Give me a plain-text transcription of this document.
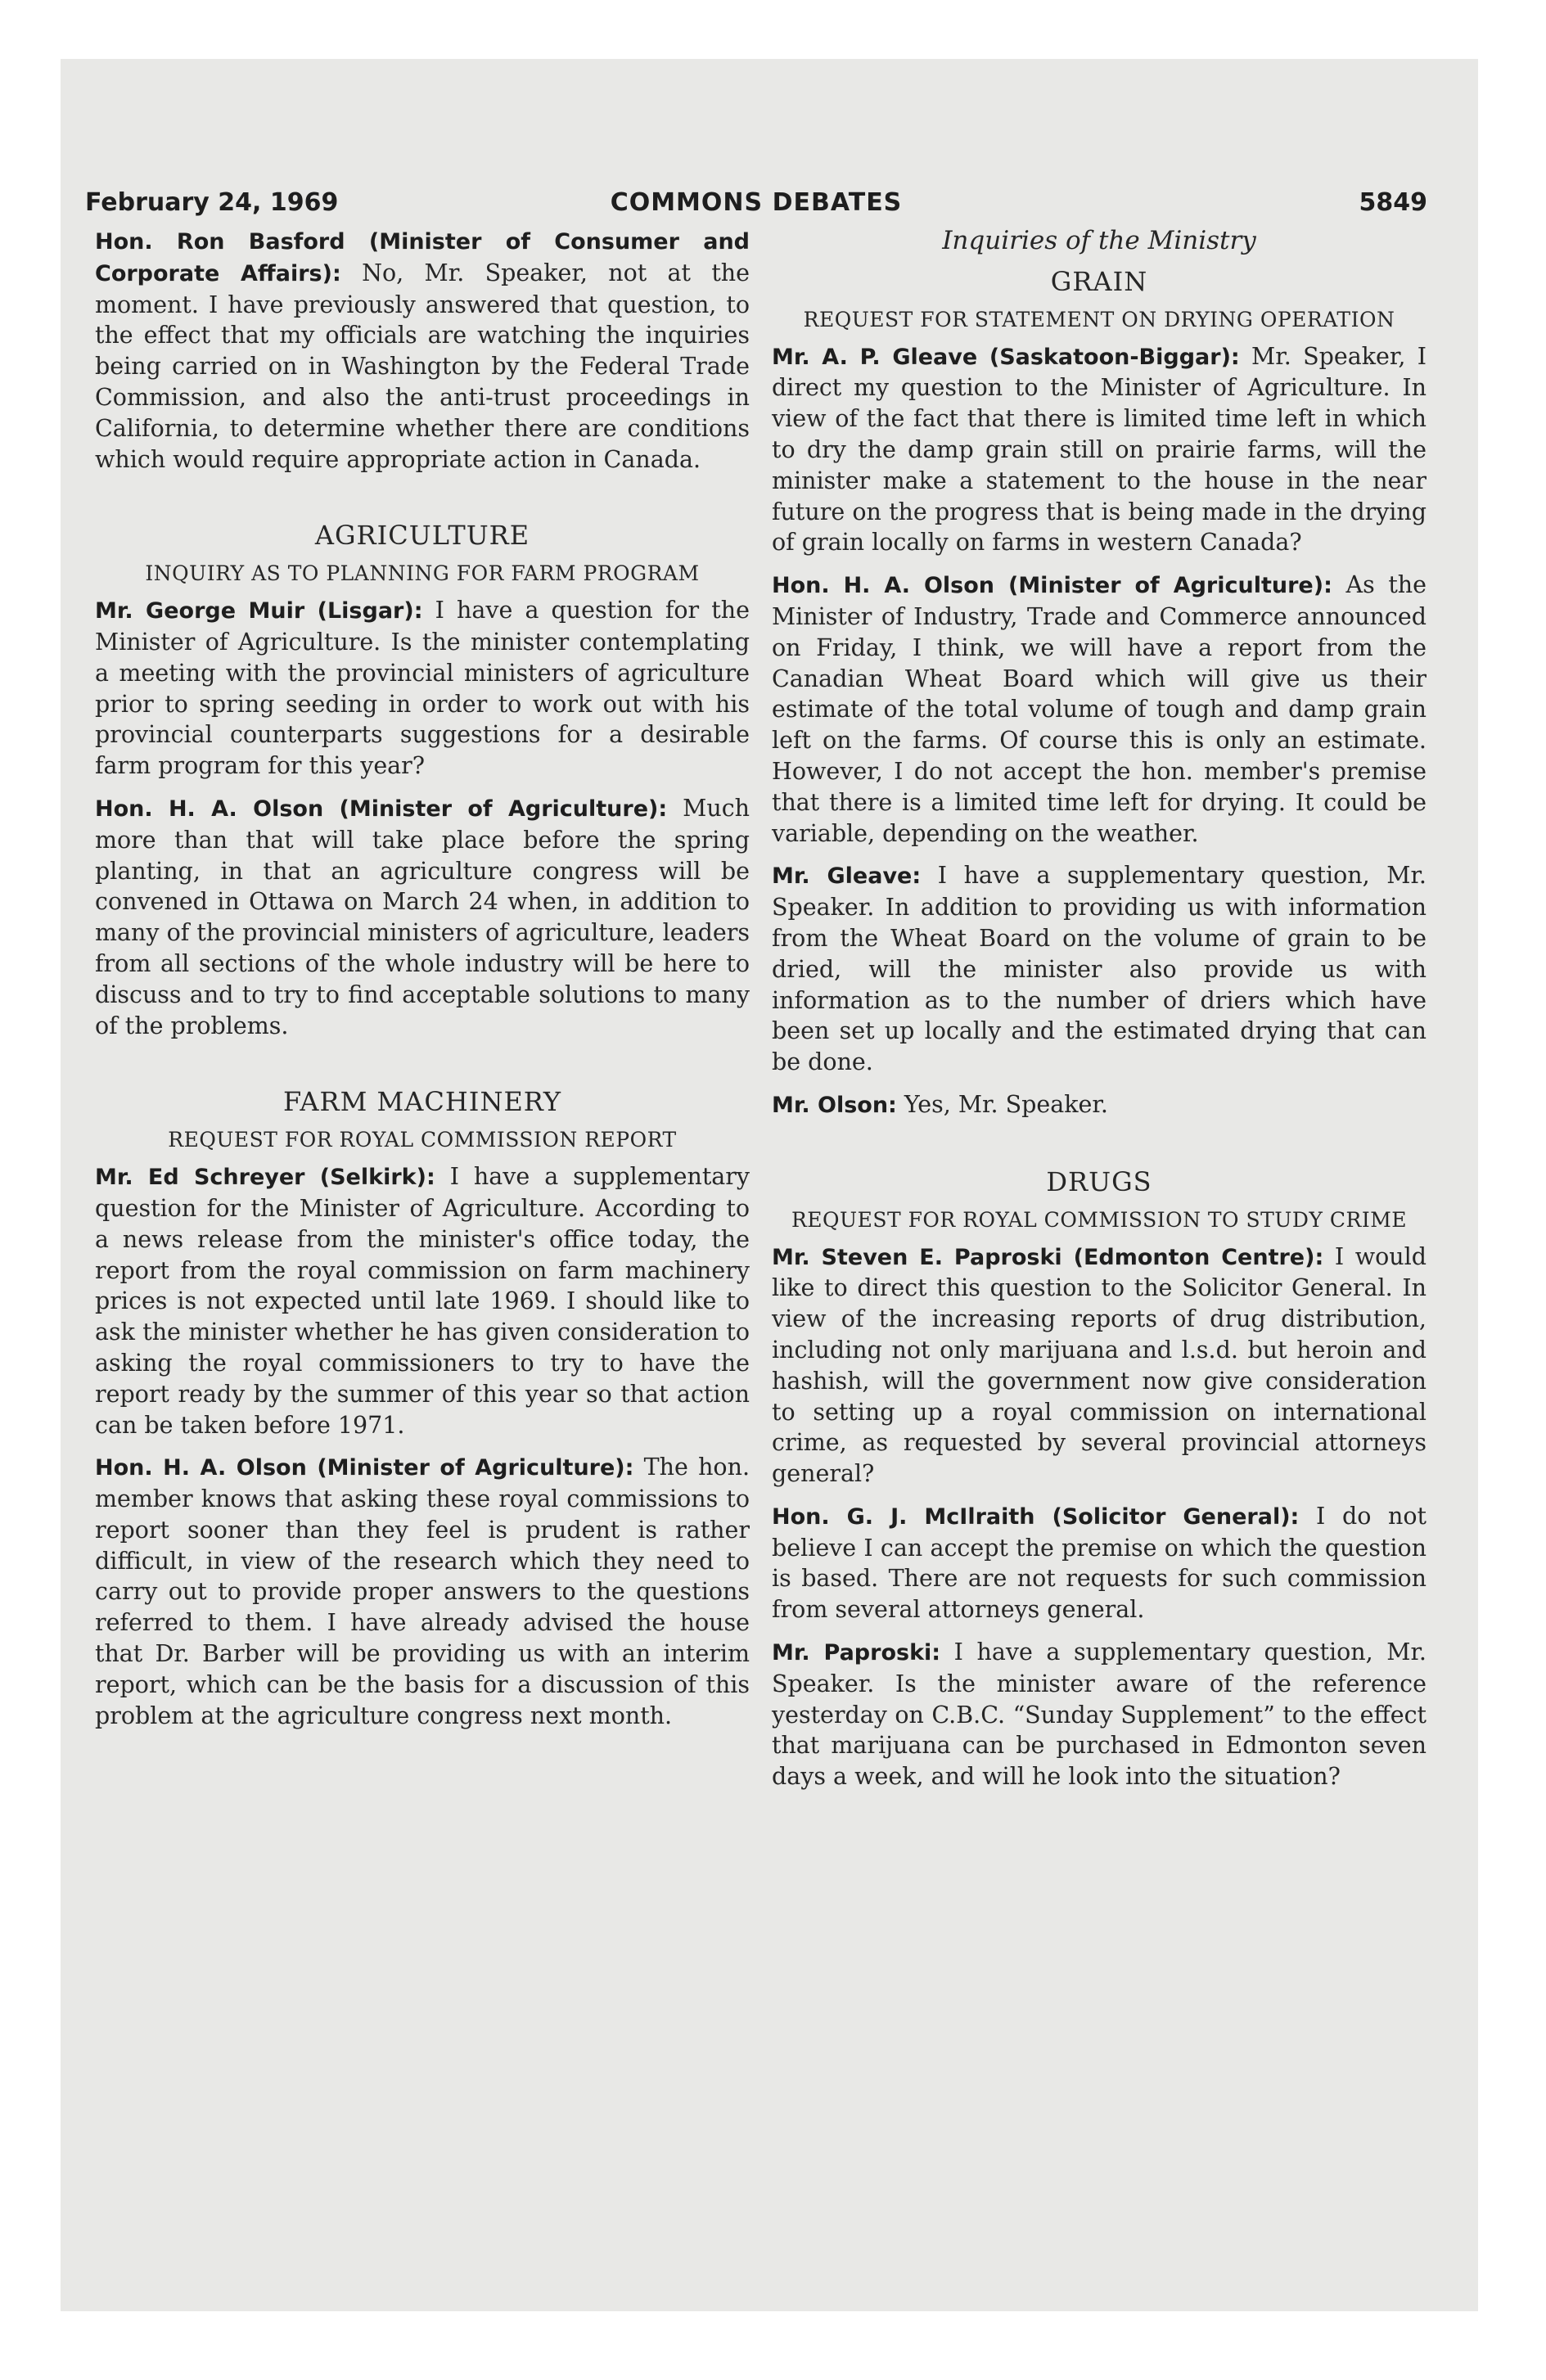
February 24, 1969	COMMONS DEBATES	5849

Hon. Ron Basford (Minister of Consumer and Corporate Affairs): No, Mr. Speaker, not at the moment. I have previously answered that question, to the effect that my officials are watching the inquiries being carried on in Washington by the Federal Trade Commission, and also the anti-trust proceedings in California, to determine whether there are conditions which would require appropriate action in Canada.

AGRICULTURE
INQUIRY AS TO PLANNING FOR FARM PROGRAM

Mr. George Muir (Lisgar): I have a question for the Minister of Agriculture. Is the minister contemplating a meeting with the provincial ministers of agriculture prior to spring seeding in order to work out with his provincial counterparts suggestions for a desirable farm program for this year?

Hon. H. A. Olson (Minister of Agriculture): Much more than that will take place before the spring planting, in that an agriculture congress will be convened in Ottawa on March 24 when, in addition to many of the provincial ministers of agriculture, leaders from all sections of the whole industry will be here to discuss and to try to find acceptable solutions to many of the problems.

FARM MACHINERY
REQUEST FOR ROYAL COMMISSION REPORT

Mr. Ed Schreyer (Selkirk): I have a supplementary question for the Minister of Agriculture. According to a news release from the minister's office today, the report from the royal commission on farm machinery prices is not expected until late 1969. I should like to ask the minister whether he has given consideration to asking the royal commissioners to try to have the report ready by the summer of this year so that action can be taken before 1971.

Hon. H. A. Olson (Minister of Agriculture): The hon. member knows that asking these royal commissions to report sooner than they feel is prudent is rather difficult, in view of the research which they need to carry out to provide proper answers to the questions referred to them. I have already advised the house that Dr. Barber will be providing us with an interim report, which can be the basis for a discussion of this problem at the agriculture congress next month.

Inquiries of the Ministry
GRAIN
REQUEST FOR STATEMENT ON DRYING OPERATION

Mr. A. P. Gleave (Saskatoon-Biggar): Mr. Speaker, I direct my question to the Minister of Agriculture. In view of the fact that there is limited time left in which to dry the damp grain still on prairie farms, will the minister make a statement to the house in the near future on the progress that is being made in the drying of grain locally on farms in western Canada?

Hon. H. A. Olson (Minister of Agriculture): As the Minister of Industry, Trade and Commerce announced on Friday, I think, we will have a report from the Canadian Wheat Board which will give us their estimate of the total volume of tough and damp grain left on the farms. Of course this is only an estimate. However, I do not accept the hon. member's premise that there is a limited time left for drying. It could be variable, depending on the weather.

Mr. Gleave: I have a supplementary question, Mr. Speaker. In addition to providing us with information from the Wheat Board on the volume of grain to be dried, will the minister also provide us with information as to the number of driers which have been set up locally and the estimated drying that can be done.

Mr. Olson: Yes, Mr. Speaker.

DRUGS
REQUEST FOR ROYAL COMMISSION TO STUDY CRIME

Mr. Steven E. Paproski (Edmonton Centre): I would like to direct this question to the Solicitor General. In view of the increasing reports of drug distribution, including not only marijuana and l.s.d. but heroin and hashish, will the government now give consideration to setting up a royal commission on international crime, as requested by several provincial attorneys general?

Hon. G. J. McIlraith (Solicitor General): I do not believe I can accept the premise on which the question is based. There are not requests for such commission from several attorneys general.

Mr. Paproski: I have a supplementary question, Mr. Speaker. Is the minister aware of the reference yesterday on C.B.C. “Sunday Supplement” to the effect that marijuana can be purchased in Edmonton seven days a week, and will he look into the situation?
